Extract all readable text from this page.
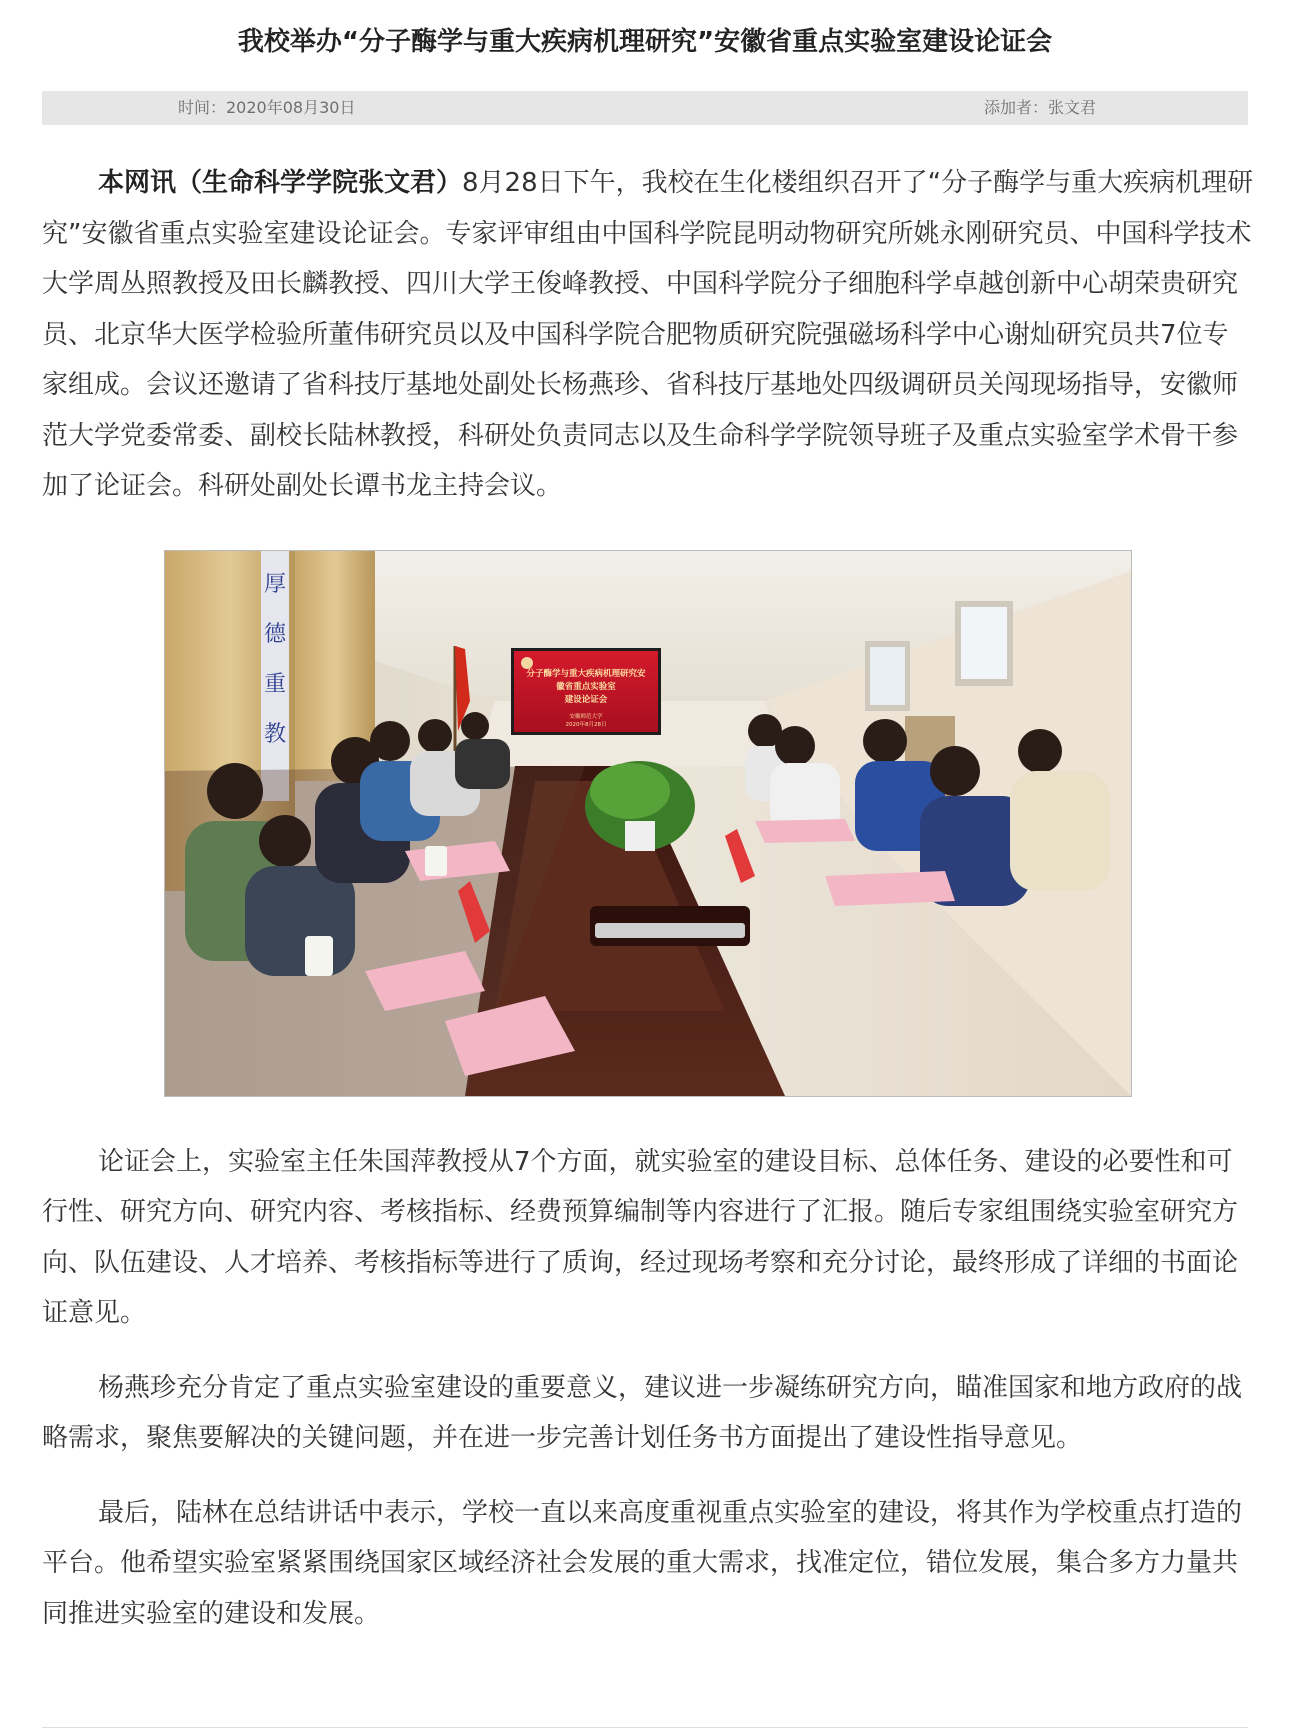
我校举办“分子酶学与重大疾病机理研究”安徽省重点实验室建设论证会
时间：2020年08月30日	添加者：张文君

本网讯（生命科学学院张文君）8月28日下午，我校在生化楼组织召开了“分子酶学与重大疾病机理研究”安徽省重点实验室建设论证会。专家评审组由中国科学院昆明动物研究所姚永刚研究员、中国科学技术大学周丛照教授及田长麟教授、四川大学王俊峰教授、中国科学院分子细胞科学卓越创新中心胡荣贵研究员、北京华大医学检验所董伟研究员以及中国科学院合肥物质研究院强磁场科学中心谢灿研究员共7位专家组成。会议还邀请了省科技厅基地处副处长杨燕珍、省科技厅基地处四级调研员关闯现场指导，安徽师范大学党委常委、副校长陆林教授，科研处负责同志以及生命科学学院领导班子及重点实验室学术骨干参加了论证会。科研处副处长谭书龙主持会议。

厚
德
重
教
分子酶学与重大疾病机理研究安
徽省重点实验室
建设论证会
安徽师范大学
2020年8月28日

论证会上，实验室主任朱国萍教授从7个方面，就实验室的建设目标、总体任务、建设的必要性和可行性、研究方向、研究内容、考核指标、经费预算编制等内容进行了汇报。随后专家组围绕实验室研究方向、队伍建设、人才培养、考核指标等进行了质询，经过现场考察和充分讨论，最终形成了详细的书面论证意见。

杨燕珍充分肯定了重点实验室建设的重要意义，建议进一步凝练研究方向，瞄准国家和地方政府的战略需求，聚焦要解决的关键问题，并在进一步完善计划任务书方面提出了建设性指导意见。

最后，陆林在总结讲话中表示，学校一直以来高度重视重点实验室的建设，将其作为学校重点打造的平台。他希望实验室紧紧围绕国家区域经济社会发展的重大需求，找准定位，错位发展，集合多方力量共同推进实验室的建设和发展。
